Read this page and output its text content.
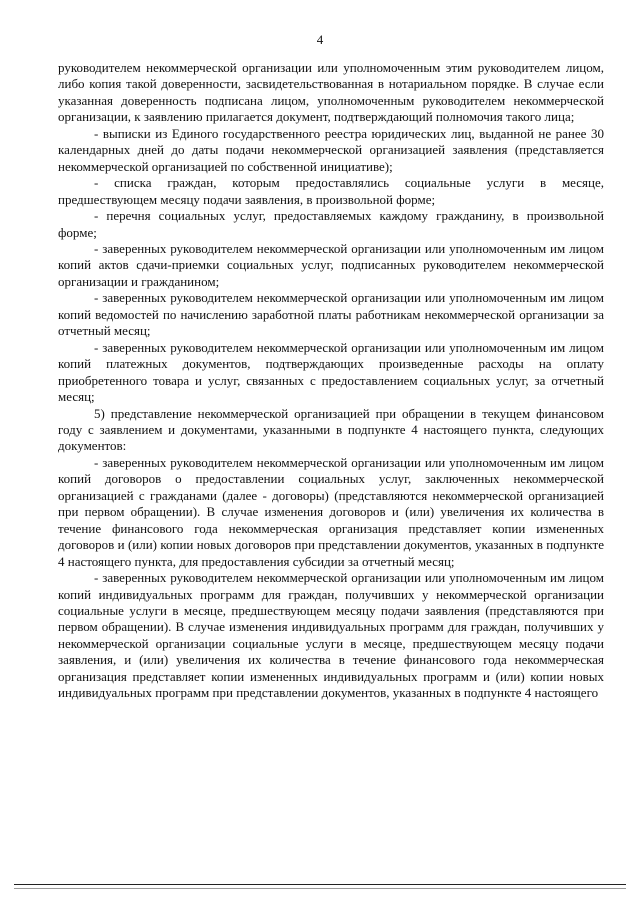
4

руководителем некоммерческой организации или уполномоченным этим руководителем лицом, либо копия такой доверенности, засвидетельствованная в нотариальном порядке. В случае если указанная доверенность подписана лицом, уполномоченным руководителем некоммерческой организации, к заявлению прилагается документ, подтверждающий полномочия такого лица;

- выписки из Единого государственного реестра юридических лиц, выданной не ранее 30 календарных дней до даты подачи некоммерческой организацией заявления (представляется некоммерческой организацией по собственной инициативе);

- списка граждан, которым предоставлялись социальные услуги в месяце, предшествующем месяцу подачи заявления, в произвольной форме;

- перечня социальных услуг, предоставляемых каждому гражданину, в произвольной форме;

- заверенных руководителем некоммерческой организации или уполномоченным им лицом копий актов сдачи-приемки социальных услуг, подписанных руководителем некоммерческой организации и гражданином;

- заверенных руководителем некоммерческой организации или уполномоченным им лицом копий ведомостей по начислению заработной платы работникам некоммерческой организации за отчетный месяц;

- заверенных руководителем некоммерческой организации или уполномоченным им лицом копий платежных документов, подтверждающих произведенные расходы на оплату приобретенного товара и услуг, связанных с предоставлением социальных услуг, за отчетный месяц;

5) представление некоммерческой организацией при обращении в текущем финансовом году с заявлением и документами, указанными в подпункте 4 настоящего пункта, следующих документов:

- заверенных руководителем некоммерческой организации или уполномоченным им лицом копий договоров о предоставлении социальных услуг, заключенных некоммерческой организацией с гражданами (далее - договоры) (представляются некоммерческой организацией при первом обращении). В случае изменения договоров и (или) увеличения их количества в течение финансового года некоммерческая организация представляет копии измененных договоров и (или) копии новых договоров при представлении документов, указанных в подпункте 4 настоящего пункта, для предоставления субсидии за отчетный месяц;

- заверенных руководителем некоммерческой организации или уполномоченным им лицом копий индивидуальных программ для граждан, получивших у некоммерческой организации социальные услуги в месяце, предшествующем месяцу подачи заявления (представляются при первом обращении). В случае изменения индивидуальных программ для граждан, получивших у некоммерческой организации социальные услуги в месяце, предшествующем месяцу подачи заявления, и (или) увеличения их количества в течение финансового года некоммерческая организация представляет копии измененных индивидуальных программ и (или) копии новых индивидуальных программ при представлении документов, указанных в подпункте 4 настоящего
